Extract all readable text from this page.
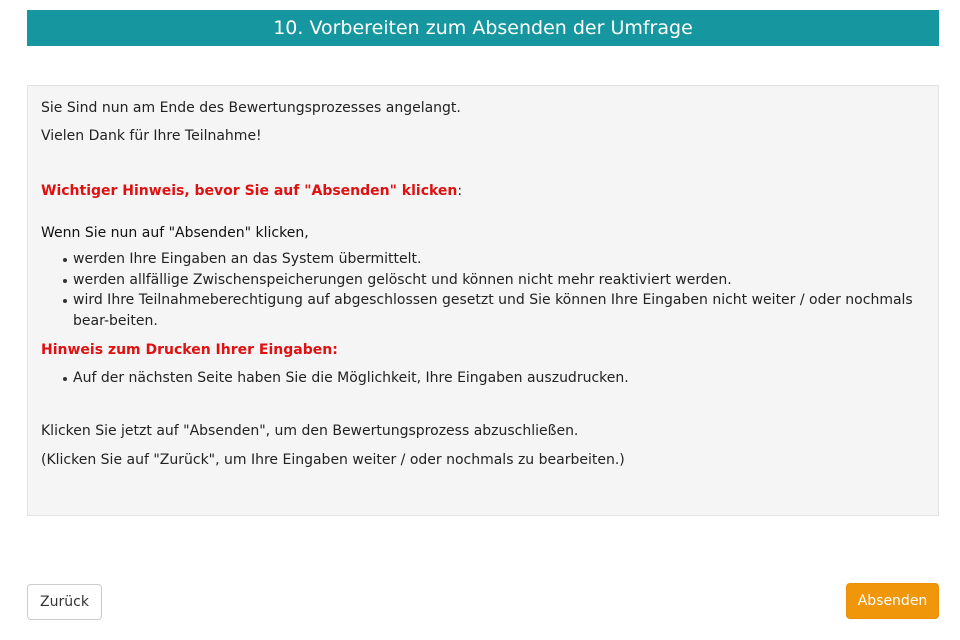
10. Vorbereiten zum Absenden der Umfrage
Sie Sind nun am Ende des Bewertungsprozesses angelangt.
Vielen Dank für Ihre Teilnahme!
Wichtiger Hinweis, bevor Sie auf "Absenden" klicken:
Wenn Sie nun auf "Absenden" klicken,
werden Ihre Eingaben an das System übermittelt.
werden allfällige Zwischenspeicherungen gelöscht und können nicht mehr reaktiviert werden.
wird Ihre Teilnahmeberechtigung auf abgeschlossen gesetzt und Sie können Ihre Eingaben nicht weiter / oder nochmals bear-beiten.
Hinweis zum Drucken Ihrer Eingaben:
Auf der nächsten Seite haben Sie die Möglichkeit, Ihre Eingaben auszudrucken.
Klicken Sie jetzt auf "Absenden", um den Bewertungsprozess abzuschließen.
(Klicken Sie auf "Zurück", um Ihre Eingaben weiter / oder nochmals zu bearbeiten.)
Zurück	Absenden
